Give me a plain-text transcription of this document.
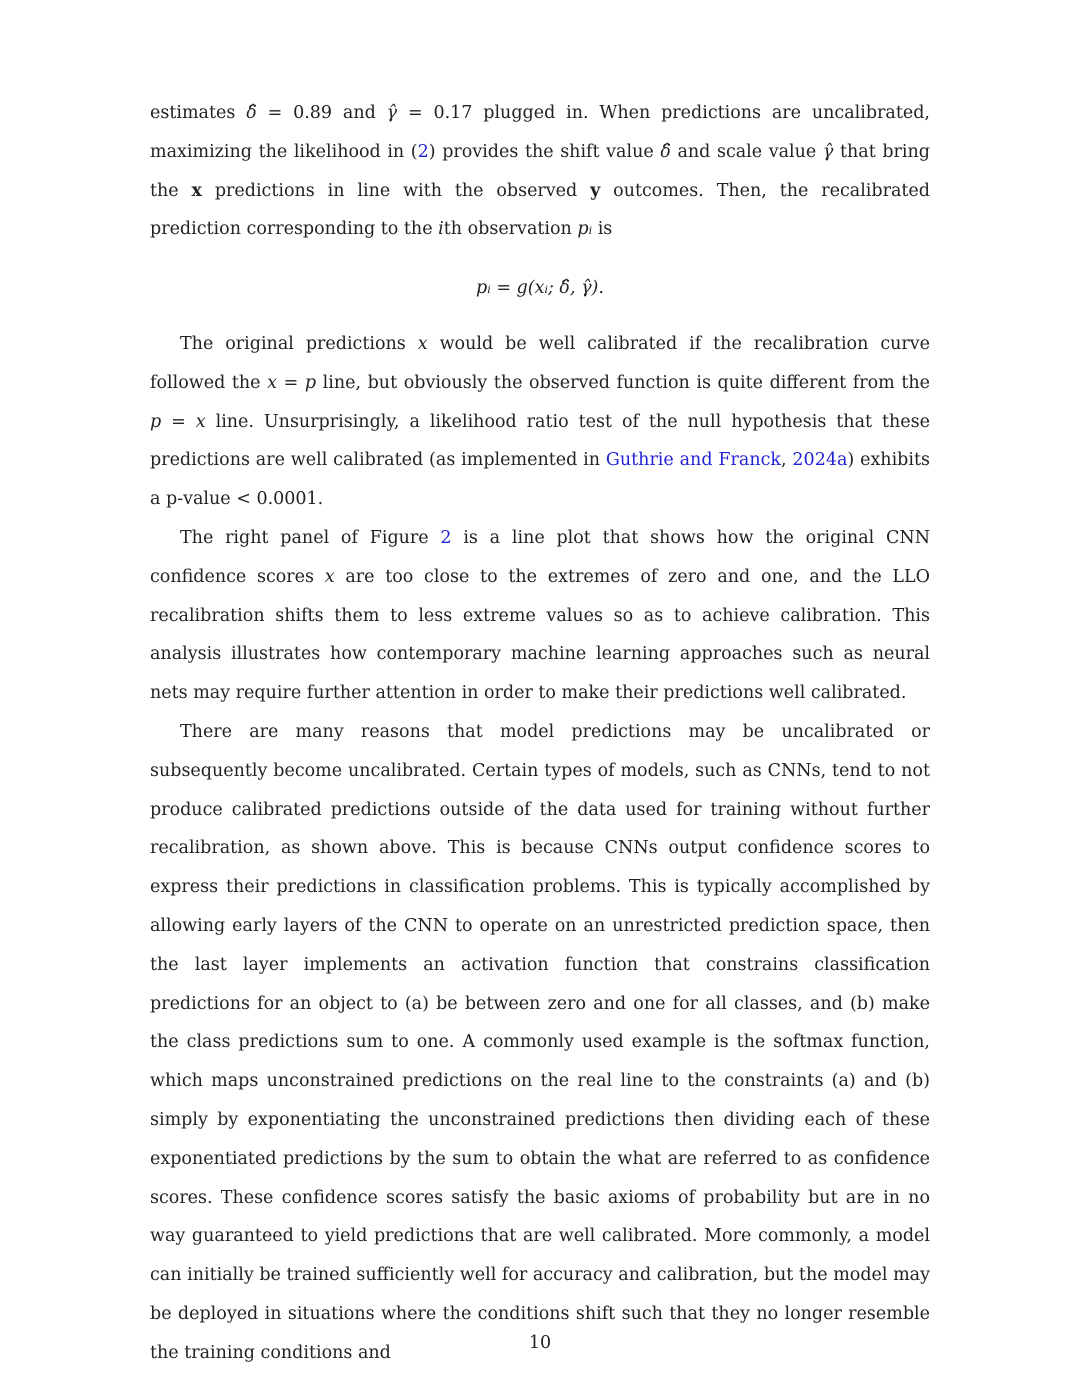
estimates δ̂ = 0.89 and γ̂ = 0.17 plugged in. When predictions are uncalibrated, maximizing the likelihood in (2) provides the shift value δ̂ and scale value γ̂ that bring the x predictions in line with the observed y outcomes. Then, the recalibrated prediction corresponding to the ith observation pᵢ is

pᵢ = g(xᵢ; δ̂, γ̂).

The original predictions x would be well calibrated if the recalibration curve followed the x = p line, but obviously the observed function is quite different from the p = x line. Unsurprisingly, a likelihood ratio test of the null hypothesis that these predictions are well calibrated (as implemented in Guthrie and Franck, 2024a) exhibits a p-value < 0.0001.

The right panel of Figure 2 is a line plot that shows how the original CNN confidence scores x are too close to the extremes of zero and one, and the LLO recalibration shifts them to less extreme values so as to achieve calibration. This analysis illustrates how contemporary machine learning approaches such as neural nets may require further attention in order to make their predictions well calibrated.

There are many reasons that model predictions may be uncalibrated or subsequently become uncalibrated. Certain types of models, such as CNNs, tend to not produce calibrated predictions outside of the data used for training without further recalibration, as shown above. This is because CNNs output confidence scores to express their predictions in classification problems. This is typically accomplished by allowing early layers of the CNN to operate on an unrestricted prediction space, then the last layer implements an activation function that constrains classification predictions for an object to (a) be between zero and one for all classes, and (b) make the class predictions sum to one. A commonly used example is the softmax function, which maps unconstrained predictions on the real line to the constraints (a) and (b) simply by exponentiating the unconstrained predictions then dividing each of these exponentiated predictions by the sum to obtain the what are referred to as confidence scores. These confidence scores satisfy the basic axioms of probability but are in no way guaranteed to yield predictions that are well calibrated. More commonly, a model can initially be trained sufficiently well for accuracy and calibration, but the model may be deployed in situations where the conditions shift such that they no longer resemble the training conditions and	10
